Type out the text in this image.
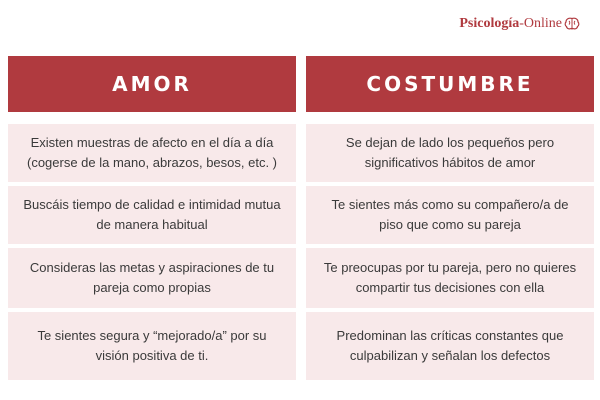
Psicología -Online
AMOR
Existen muestras de afecto en el día a día (cogerse de la mano, abrazos, besos, etc. )
Buscáis tiempo de calidad e intimidad mutua de manera habitual
Consideras las metas y aspiraciones de tu pareja como propias
Te sientes segura y “mejorado/a” por su visión positiva de ti.
COSTUMBRE
Se dejan de lado los pequeños pero significativos hábitos de amor
Te sientes más como su compañero/a de piso que como su pareja
Te preocupas por tu pareja, pero no quieres compartir tus decisiones con ella
Predominan las críticas constantes que culpabilizan y señalan los defectos
